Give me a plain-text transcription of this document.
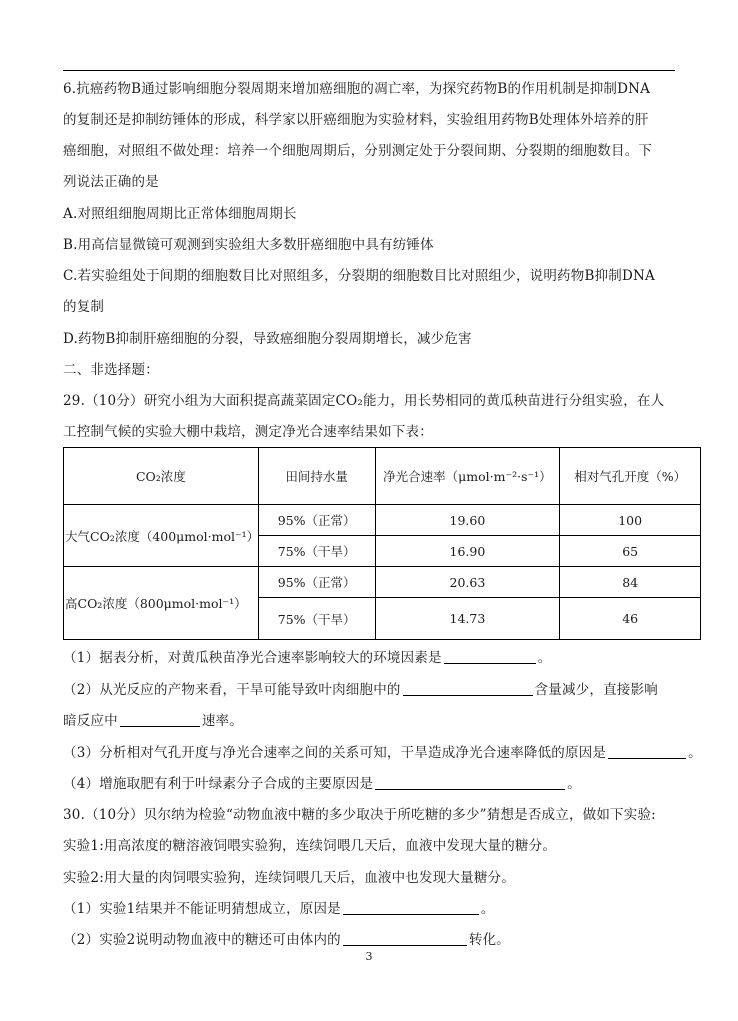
6.抗癌药物B通过影响细胞分裂周期来增加癌细胞的凋亡率，为探究药物B的作用机制是抑制DNA
的复制还是抑制纺锤体的形成，科学家以肝癌细胞为实验材料，实验组用药物B处理体外培养的肝
癌细胞，对照组不做处理：培养一个细胞周期后，分别测定处于分裂间期、分裂期的细胞数目。下
列说法正确的是
A.对照组细胞周期比正常体细胞周期长
B.用高信显微镜可观测到实验组大多数肝癌细胞中具有纺锤体
C.若实验组处于间期的细胞数目比对照组多，分裂期的细胞数目比对照组少，说明药物B抑制DNA
的复制
D.药物B抑制肝癌细胞的分裂，导致癌细胞分裂周期增长，减少危害
二、非选择题：
29.（10分）研究小组为大面积提高蔬菜固定CO₂能力，用长势相同的黄瓜秧苗进行分组实验，在人
工控制气候的实验大棚中栽培，测定净光合速率结果如下表：
CO₂浓度	田间持水量	净光合速率（μmol·m⁻²·s⁻¹）	相对气孔开度（%）
大气CO₂浓度（400μmol·mol⁻¹）	95%（正常）	19.60	100
	75%（干旱）	16.90	65
高CO₂浓度（800μmol·mol⁻¹）	95%（正常）	20.63	84
	75%（干旱）	14.73	46
（1）据表分析，对黄瓜秧苗净光合速率影响较大的环境因素是	。
（2）从光反应的产物来看，干旱可能导致叶肉细胞中的	含量减少，直接影响
暗反应中	速率。
（3）分析相对气孔开度与净光合速率之间的关系可知，干旱造成净光合速率降低的原因是	。
（4）增施取肥有利于叶绿素分子合成的主要原因是	。
30.（10分）贝尔纳为检验“动物血液中糖的多少取决于所吃糖的多少”猜想是否成立，做如下实验:
实验1:用高浓度的糖溶液饲喂实验狗，连续饲喂几天后，血液中发现大量的糖分。
实验2:用大量的肉饲喂实验狗，连续饲喂几天后，血液中也发现大量糖分。
（1）实验1结果并不能证明猜想成立，原因是	。
（2）实验2说明动物血液中的糖还可由体内的	转化。
3
